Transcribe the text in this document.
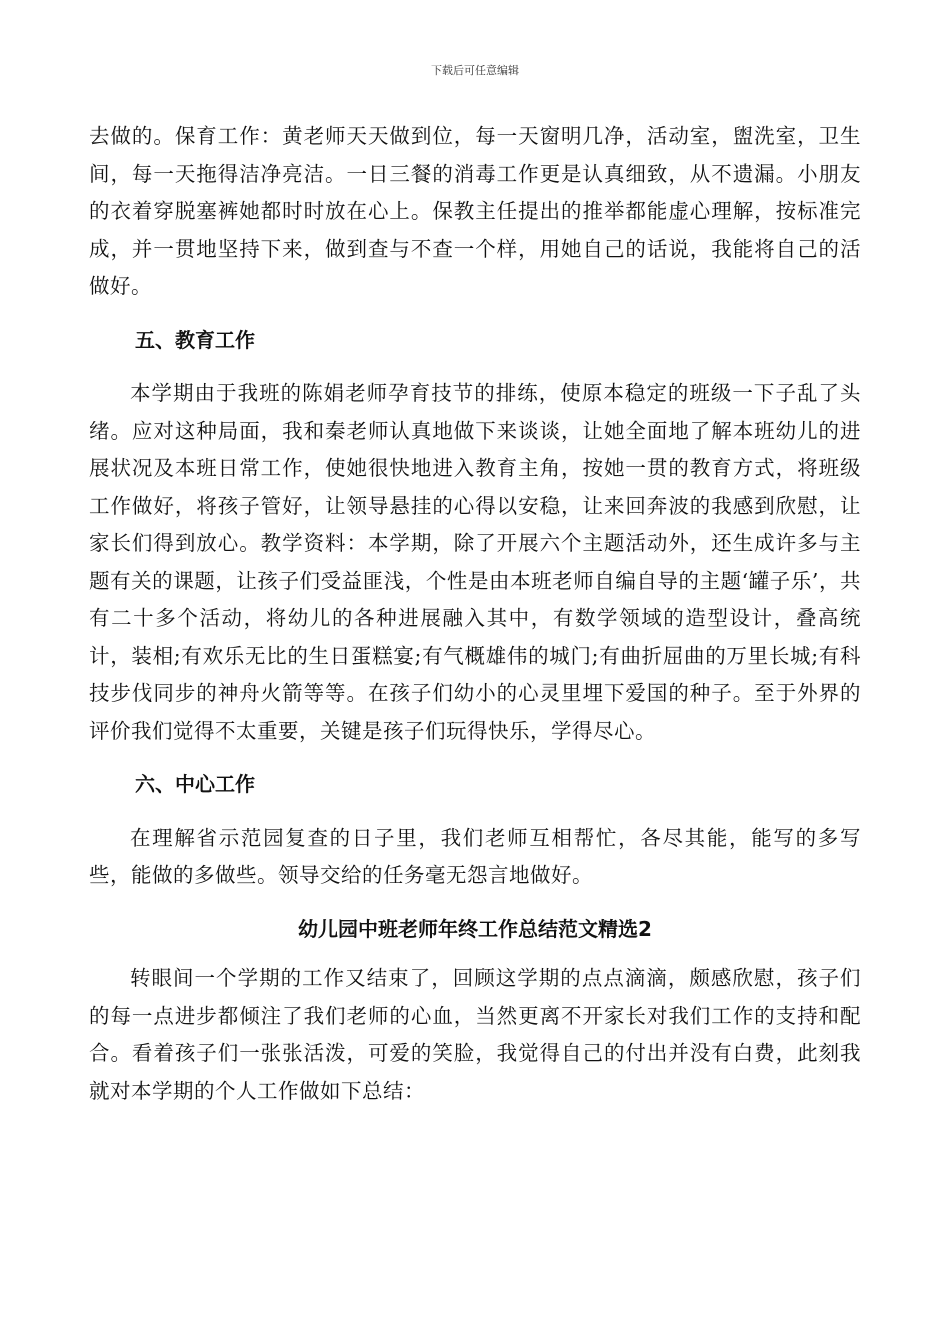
下载后可任意编辑

去做的。保育工作：黄老师天天做到位，每一天窗明几净，活动室，盥洗室，卫生间，每一天拖得洁净亮洁。一日三餐的消毒工作更是认真细致，从不遗漏。小朋友的衣着穿脱塞裤她都时时放在心上。保教主任提出的推举都能虚心理解，按标准完成，并一贯地坚持下来，做到查与不查一个样，用她自己的话说，我能将自己的活做好。

五、教育工作

本学期由于我班的陈娟老师孕育技节的排练，使原本稳定的班级一下子乱了头绪。应对这种局面，我和秦老师认真地做下来谈谈，让她全面地了解本班幼儿的进展状况及本班日常工作，使她很快地进入教育主角，按她一贯的教育方式，将班级工作做好，将孩子管好，让领导悬挂的心得以安稳，让来回奔波的我感到欣慰，让家长们得到放心。教学资料：本学期，除了开展六个主题活动外，还生成许多与主题有关的课题，让孩子们受益匪浅，个性是由本班老师自编自导的主题‘罐子乐’，共有二十多个活动，将幼儿的各种进展融入其中，有数学领域的造型设计，叠高统计，装相;有欢乐无比的生日蛋糕宴;有气概雄伟的城门;有曲折屈曲的万里长城;有科技步伐同步的神舟火箭等等。在孩子们幼小的心灵里埋下爱国的种子。至于外界的评价我们觉得不太重要，关键是孩子们玩得快乐，学得尽心。

六、中心工作

在理解省示范园复查的日子里，我们老师互相帮忙，各尽其能，能写的多写些，能做的多做些。领导交给的任务毫无怨言地做好。

幼儿园中班老师年终工作总结范文精选2

转眼间一个学期的工作又结束了，回顾这学期的点点滴滴，颇感欣慰，孩子们的每一点进步都倾注了我们老师的心血，当然更离不开家长对我们工作的支持和配合。看着孩子们一张张活泼，可爱的笑脸，我觉得自己的付出并没有白费，此刻我就对本学期的个人工作做如下总结：
